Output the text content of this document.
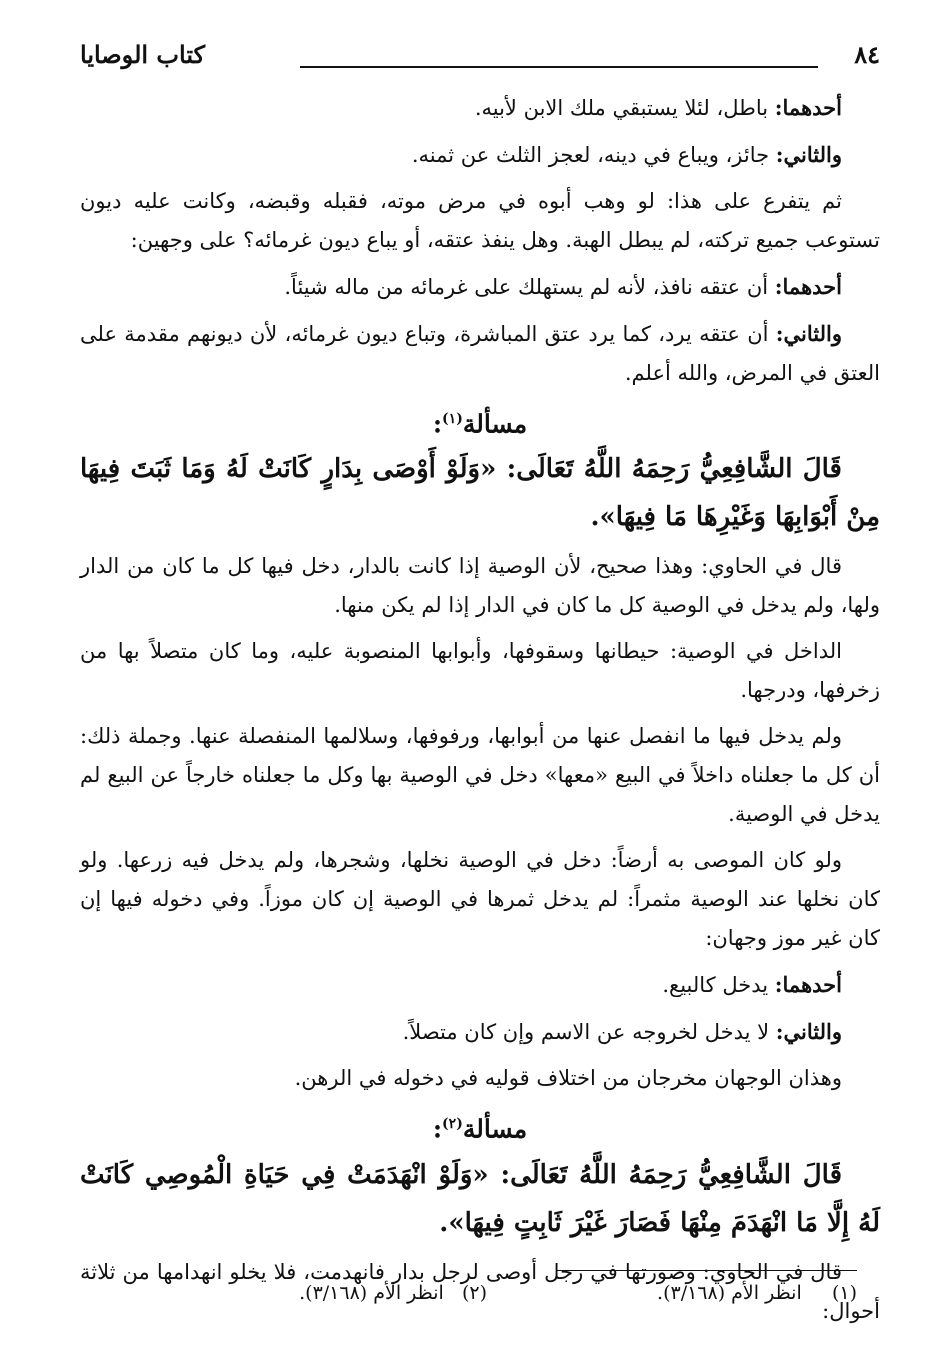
٨٤
كتاب الوصايا

أحدهما: باطل، لئلا يستبقي ملك الابن لأبيه.

والثاني: جائز، ويباع في دينه، لعجز الثلث عن ثمنه.

ثم يتفرع على هذا: لو وهب أبوه في مرض موته، فقبله وقبضه، وكانت عليه ديون تستوعب جميع تركته، لم يبطل الهبة. وهل ينفذ عتقه، أو يباع ديون غرمائه؟ على وجهين:

أحدهما: أن عتقه نافذ، لأنه لم يستهلك على غرمائه من ماله شيئاً.

والثاني: أن عتقه يرد، كما يرد عتق المباشرة، وتباع ديون غرمائه، لأن ديونهم مقدمة على العتق في المرض، والله أعلم.

مسألة$^{(١)}$:

قَالَ الشَّافِعِيُّ رَحِمَهُ اللَّهُ تَعَالَى: «وَلَوْ أَوْصَى بِدَارٍ كَانَتْ لَهُ وَمَا ثَبَتَ فِيهَا مِنْ أَبْوَابِهَا وَغَيْرِهَا مَا فِيهَا».

قال في الحاوي: وهذا صحيح، لأن الوصية إذا كانت بالدار، دخل فيها كل ما كان من الدار ولها، ولم يدخل في الوصية كل ما كان في الدار إذا لم يكن منها.

الداخل في الوصية: حيطانها وسقوفها، وأبوابها المنصوبة عليه، وما كان متصلاً بها من زخرفها، ودرجها.

ولم يدخل فيها ما انفصل عنها من أبوابها، ورفوفها، وسلالمها المنفصلة عنها. وجملة ذلك: أن كل ما جعلناه داخلاً في البيع «معها» دخل في الوصية بها وكل ما جعلناه خارجاً عن البيع لم يدخل في الوصية.

ولو كان الموصى به أرضاً: دخل في الوصية نخلها، وشجرها، ولم يدخل فيه زرعها. ولو كان نخلها عند الوصية مثمراً: لم يدخل ثمرها في الوصية إن كان موزاً. وفي دخوله فيها إن كان غير موز وجهان:

أحدهما: يدخل كالبيع.

والثاني: لا يدخل لخروجه عن الاسم وإن كان متصلاً.

وهذان الوجهان مخرجان من اختلاف قوليه في دخوله في الرهن.

مسألة$^{(٢)}$:

قَالَ الشَّافِعِيُّ رَحِمَهُ اللَّهُ تَعَالَى: «وَلَوْ انْهَدَمَتْ فِي حَيَاةِ الْمُوصِي كَانَتْ لَهُ إِلَّا مَا انْهَدَمَ مِنْهَا فَصَارَ غَيْرَ ثَابِتٍ فِيهَا».

قال في الحاوي: وصورتها في رجل أوصى لرجل بدار فانهدمت، فلا يخلو انهدامها من ثلاثة أحوال:

(١)     انظر الأم (٣/١٦٨).
(٢)   انظر الأم (٣/١٦٨).
